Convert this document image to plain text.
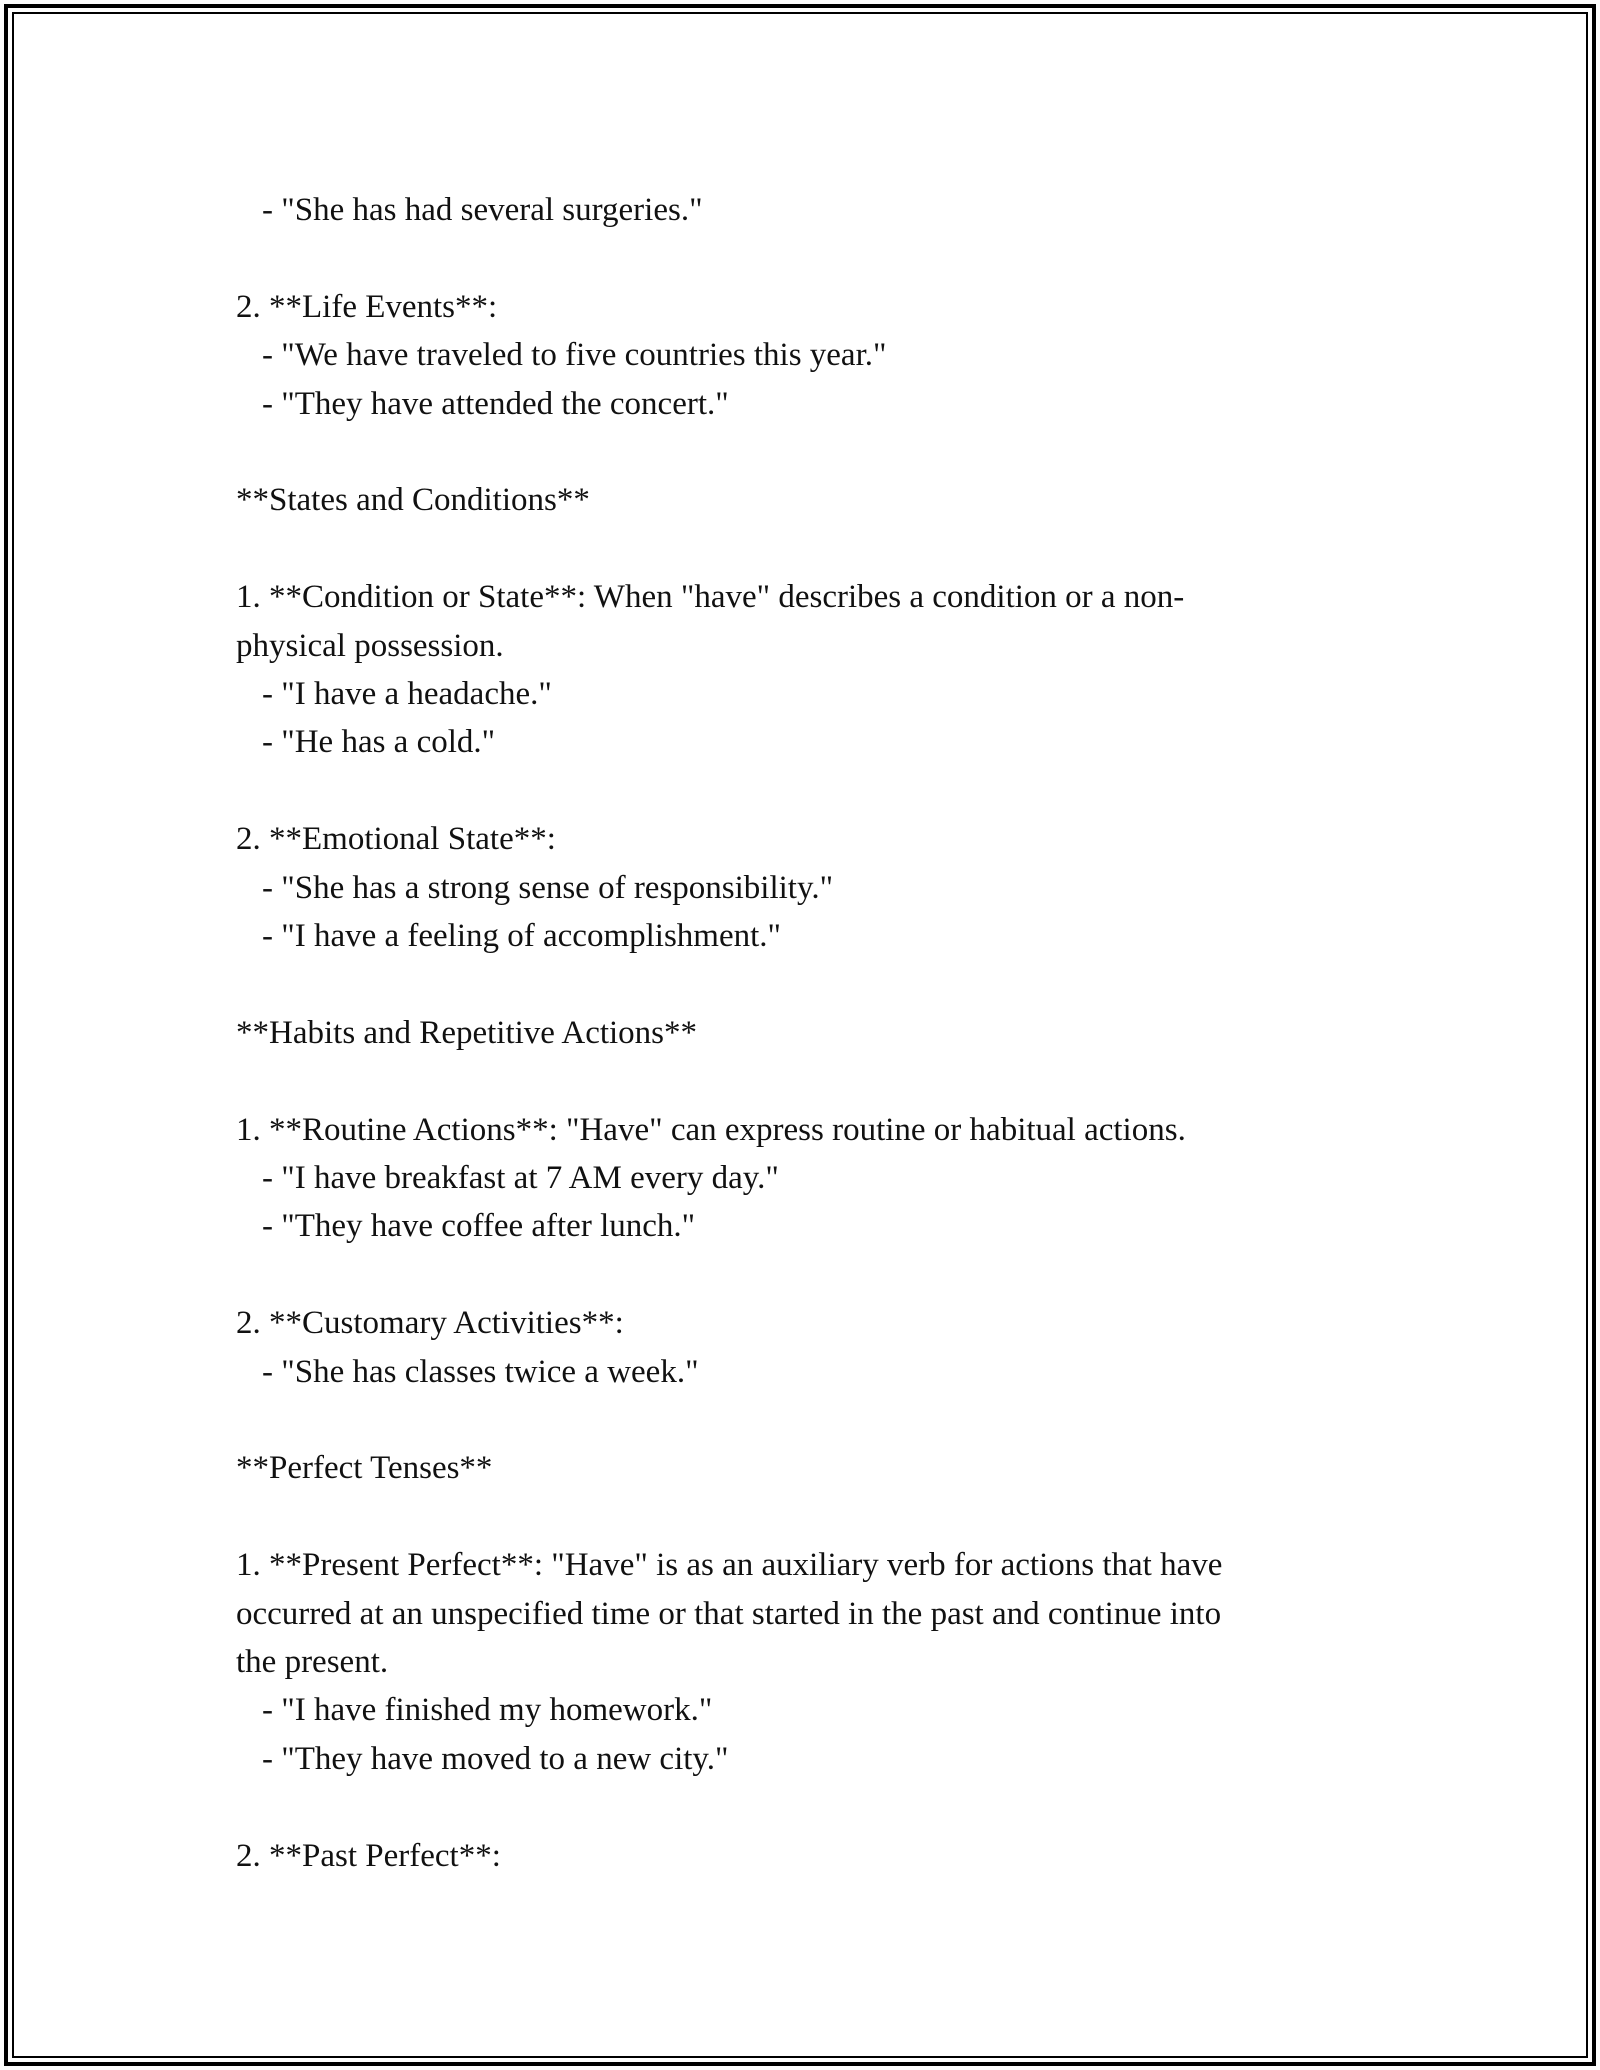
- "She has had several surgeries."

2. **Life Events**:

- "We have traveled to five countries this year."

- "They have attended the concert."

**States and Conditions**

1. **Condition or State**: When "have" describes a condition or a non-

physical possession.

- "I have a headache."

- "He has a cold."

2. **Emotional State**:

- "She has a strong sense of responsibility."

- "I have a feeling of accomplishment."

**Habits and Repetitive Actions**

1. **Routine Actions**: "Have" can express routine or habitual actions.

- "I have breakfast at 7 AM every day."

- "They have coffee after lunch."

2. **Customary Activities**:

- "She has classes twice a week."

**Perfect Tenses**

1. **Present Perfect**: "Have" is as an auxiliary verb for actions that have

occurred at an unspecified time or that started in the past and continue into

the present.

- "I have finished my homework."

- "They have moved to a new city."

2. **Past Perfect**:
